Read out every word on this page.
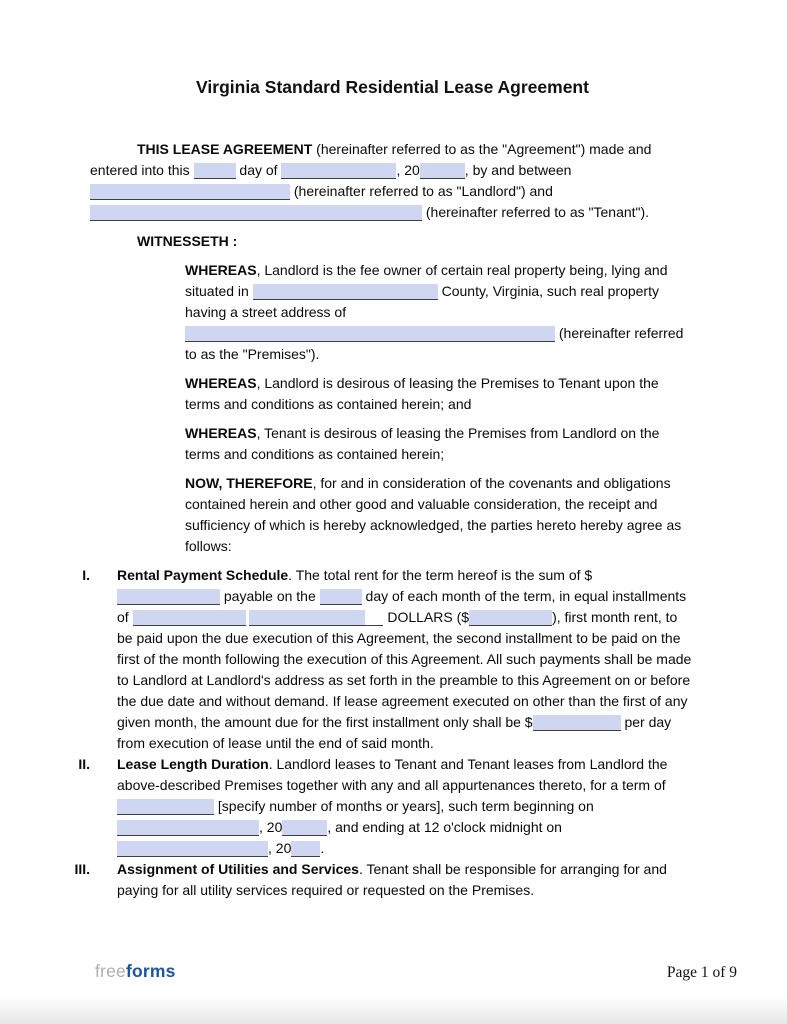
Virginia Standard Residential Lease Agreement

THIS LEASE AGREEMENT (hereinafter referred to as the "Agreement") made and entered into this	day of	, 20	, by and between  (hereinafter referred to as "Landlord") and  (hereinafter referred to as "Tenant").

WITNESSETH :

WHEREAS, Landlord is the fee owner of certain real property being, lying and situated in	County, Virginia, such real property having a street address of  (hereinafter referred to as the "Premises").

WHEREAS, Landlord is desirous of leasing the Premises to Tenant upon the terms and conditions as contained herein; and

WHEREAS, Tenant is desirous of leasing the Premises from Landlord on the terms and conditions as contained herein;

NOW, THEREFORE, for and in consideration of the covenants and obligations contained herein and other good and valuable consideration, the receipt and sufficiency of which is hereby acknowledged, the parties hereto hereby agree as follows:

I. Rental Payment Schedule. The total rent for the term hereof is the sum of $ payable on the	day of each month of the term, in equal installments of	DOLLARS ($	), first month rent, to be paid upon the due execution of this Agreement, the second installment to be paid on the first of the month following the execution of this Agreement. All such payments shall be made to Landlord at Landlord's address as set forth in the preamble to this Agreement on or before the due date and without demand. If lease agreement executed on other than the first of any given month, the amount due for the first installment only shall be $	per day from execution of lease until the end of said month.
II. Lease Length Duration. Landlord leases to Tenant and Tenant leases from Landlord the above-described Premises together with any and all appurtenances thereto, for a term of  [specify number of months or years], such term beginning on , 20	, and ending at 12 o'clock midnight on , 20 .
III. Assignment of Utilities and Services. Tenant shall be responsible for arranging for and paying for all utility services required or requested on the Premises.
freeforms	Page 1 of 9
